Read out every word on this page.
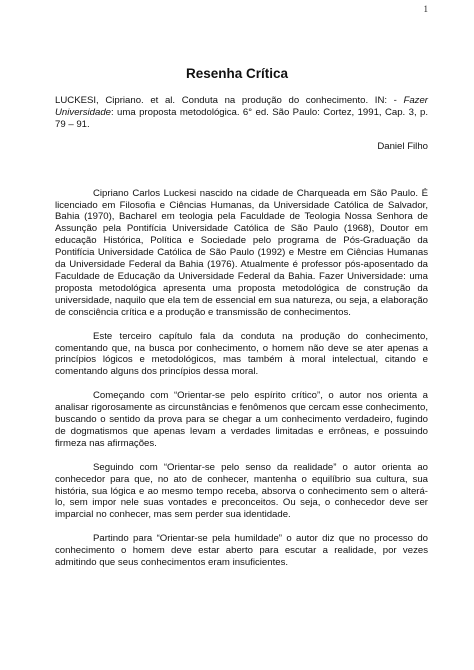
1
Resenha Crítica

LUCKESI, Cipriano. et al. Conduta na produção do conhecimento. IN: - Fazer Universidade: uma proposta metodológica. 6° ed. São Paulo: Cortez, 1991, Cap. 3, p. 79 – 91.

Daniel Filho

Cipriano Carlos Luckesi nascido na cidade de Charqueada em São Paulo. É licenciado em Filosofia e Ciências Humanas, da Universidade Católica de Salvador, Bahia (1970), Bacharel em teologia pela Faculdade de Teologia Nossa Senhora de Assunção pela Pontifícia Universidade Católica de São Paulo (1968), Doutor em educação Histórica, Política e Sociedade pelo programa de Pós-Graduação da Pontifícia Universidade Católica de São Paulo (1992) e Mestre em Ciências Humanas da Universidade Federal da Bahia (1976). Atualmente é professor pós-aposentado da Faculdade de Educação da Universidade Federal da Bahia. Fazer Universidade: uma proposta metodológica apresenta uma proposta metodológica de construção da universidade, naquilo que ela tem de essencial em sua natureza, ou seja, a elaboração de consciência crítica e a produção e transmissão de conhecimentos.

Este terceiro capítulo fala da conduta na produção do conhecimento, comentando que, na busca por conhecimento, o homem não deve se ater apenas a princípios lógicos e metodológicos, mas também à moral intelectual, citando e comentando alguns dos princípios dessa moral.

Começando com “Orientar-se pelo espírito crítico”, o autor nos orienta a analisar rigorosamente as circunstâncias e fenômenos que cercam esse conhecimento, buscando o sentido da prova para se chegar a um conhecimento verdadeiro, fugindo de dogmatismos que apenas levam a verdades limitadas e errôneas, e possuindo firmeza nas afirmações.

Seguindo com “Orientar-se pelo senso da realidade” o autor orienta ao conhecedor para que, no ato de conhecer, mantenha o equilíbrio sua cultura, sua história, sua lógica e ao mesmo tempo receba, absorva o conhecimento sem o alterá-lo, sem impor nele suas vontades e preconceitos. Ou seja, o conhecedor deve ser imparcial no conhecer, mas sem perder sua identidade.

Partindo para “Orientar-se pela humildade” o autor diz que no processo do conhecimento o homem deve estar aberto para escutar a realidade, por vezes admitindo que seus conhecimentos eram insuficientes.
